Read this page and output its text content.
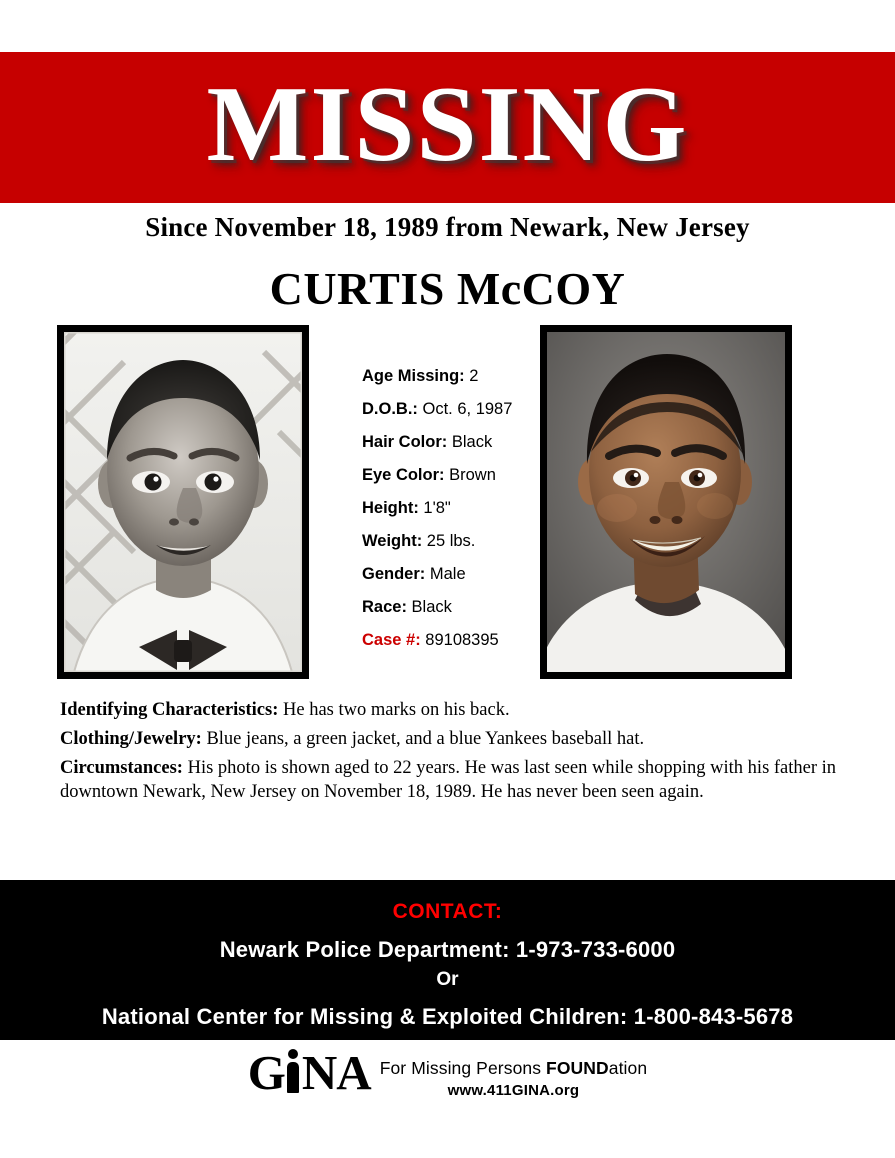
MISSING
Since November 18, 1989 from Newark, New Jersey
CURTIS McCOY
Age Missing: 2
D.O.B.: Oct. 6, 1987
Hair Color: Black
Eye Color: Brown
Height: 1'8"
Weight: 25 lbs.
Gender: Male
Race: Black
Case #: 89108395

Identifying Characteristics: He has two marks on his back.

Clothing/Jewelry: Blue jeans, a green jacket, and a blue Yankees baseball hat.

Circumstances: His photo is shown aged to 22 years. He was last seen while shopping with his father in downtown Newark, New Jersey on November 18, 1989. He has never been seen again.

CONTACT:
Newark Police Department: 1-973-733-6000
Or
National Center for Missing & Exploited Children: 1-800-843-5678
G NA For Missing Persons FOUNDation
www.411GINA.org
